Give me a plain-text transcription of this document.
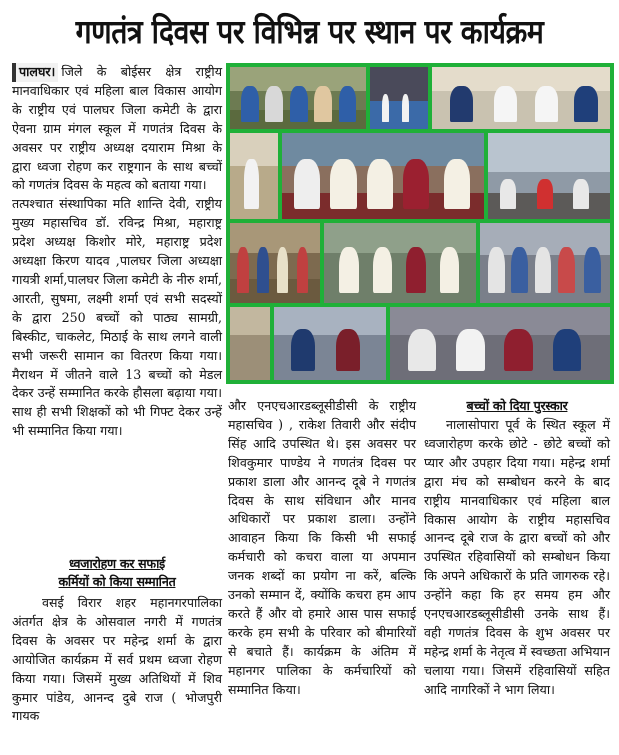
गणतंत्र दिवस पर विभिन्न पर स्थान पर कार्यक्रम

पालघर। जिले के बोईसर क्षेत्र राष्ट्रीय मानवाधिकार एवं महिला बाल विकास आयोग के राष्ट्रीय एवं पालघर जिला कमेटी के द्वारा ऐवना ग्राम मंगल स्कूल में गणतंत्र दिवस के अवसर पर राष्ट्रीय अध्यक्ष दयाराम मिश्रा के द्वारा ध्वजा रोहण कर राष्ट्रगान के साथ बच्चों को गणतंत्र दिवस के महत्व को बताया गया।

तत्पश्चात संस्थापिका मति शान्ति देवी, राष्ट्रीय मुख्य महासचिव डॉ. रविन्द्र मिश्रा, महाराष्ट्र प्रदेश अध्यक्ष किशोर मोरे, महाराष्ट्र प्रदेश अध्यक्षा किरण यादव ,पालघर जिला अध्यक्षा गायत्री शर्मा,पालघर जिला कमेटी के नीरु शर्मा, आरती, सुषमा, लक्ष्मी शर्मा एवं सभी सदस्यों के द्वारा 250 बच्चों को पाठ्य सामग्री, बिस्कीट, चाकलेट, मिठाई के साथ लगने वाली सभी जरूरी सामान का वितरण किया गया। मैराथन में जीतने वाले 13 बच्चों को मेडल देकर उन्हें सम्मानित करके हौसला बढ़ाया गया। साथ ही सभी शिक्षकों को भी गिफ्ट देकर उन्हें भी सम्मानित किया गया।

ध्वजारोहण कर सफाई
कर्मियों को किया सम्मानित

वसई विरार शहर महानगरपालिका अंतर्गत क्षेत्र के ओसवाल नगरी में गणतंत्र दिवस के अवसर पर महेन्द्र शर्मा के द्वारा आयोजित कार्यक्रम में सर्व प्रथम ध्वजा रोहण किया गया। जिसमें मुख्य अतिथियों में शिव कुमार पांडेय, आनन्द दुबे राज ( भोजपुरी गायक

और एनएचआरडब्लूसीडीसी के राष्ट्रीय महासचिव ) , राकेश तिवारी और संदीप सिंह आदि उपस्थित थे। इस अवसर पर शिवकुमार पाण्डेय ने गणतंत्र दिवस पर प्रकाश डाला और आनन्द दूबे ने गणतंत्र दिवस के साथ संविधान और मानव अधिकारों पर प्रकाश डाला। उन्होंने आवाहन किया कि किसी भी सफाई कर्मचारी को कचरा वाला या अपमान जनक शब्दों का प्रयोग ना करें, बल्कि उनको सम्मान दें, क्योंकि कचरा हम आप करते हैं और वो हमारे आस पास सफाई करके हम सभी के परिवार को बीमारियों से बचाते हैं। कार्यक्रम के अंतिम में महानगर पालिका के कर्मचारियों को सम्मानित किया।

बच्चों को दिया पुरस्कार

नालासोपारा पूर्व के स्थित स्कूल में ध्वजारोहण करके छोटे - छोटे बच्चों को प्यार और उपहार दिया गया। महेन्द्र शर्मा द्वारा मंच को सम्बोधन करने के बाद राष्ट्रीय मानवाधिकार एवं महिला बाल विकास आयोग के राष्ट्रीय महासचिव आनन्द दूबे राज के द्वारा बच्चों को और उपस्थित रहिवासियों को सम्बोधन किया कि अपने अधिकारों के प्रति जागरुक रहे। उन्होंने कहा कि हर समय हम और एनएचआरडब्लूसीडीसी उनके साथ हैं। वही गणतंत्र दिवस के शुभ अवसर पर महेन्द्र शर्मा के नेतृत्व में स्वच्छता अभियान चलाया गया। जिसमें रहिवासियों सहित आदि नागरिकों ने भाग लिया।
